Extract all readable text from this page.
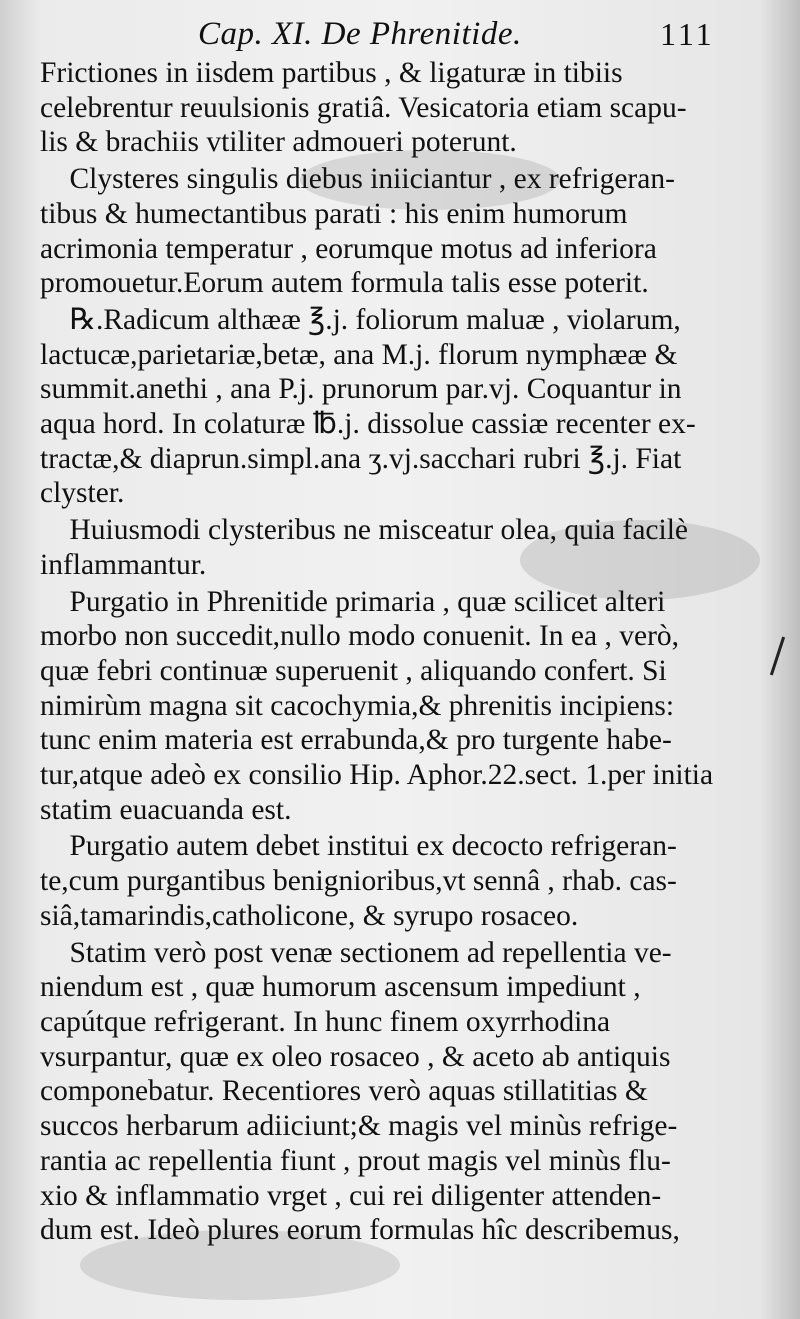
Cap. XI. De Phrenitide.	111
Frictiones in iisdem partibus , & ligaturæ in tibiis
celebrentur reuulsionis gratiâ. Vesicatoria etiam scapu-
lis & brachiis vtiliter admoueri poterunt.
 Clysteres singulis diebus iniiciantur , ex refrigeran-
tibus & humectantibus parati : his enim humorum
acrimonia temperatur , eorumque motus ad inferiora
promouetur.Eorum autem formula talis esse poterit.
 ℞.Radicum althææ ℥.j. foliorum maluæ , violarum,
lactucæ,parietariæ,betæ, ana M.j. florum nymphææ &
summit.anethi , ana P.j. prunorum par.vj. Coquantur in
aqua hord. In colaturæ ℔.j. dissolue cassiæ recenter ex-
tractæ,& diaprun.simpl.ana ʒ.vj.sacchari rubri ℥.j. Fiat
clyster.
 Huiusmodi clysteribus ne misceatur olea, quia facilè
inflammantur.
 Purgatio in Phrenitide primaria , quæ scilicet alteri
morbo non succedit,nullo modo conuenit. In ea , verò,
quæ febri continuæ superuenit , aliquando confert. Si
nimirùm magna sit cacochymia,& phrenitis incipiens:
tunc enim materia est errabunda,& pro turgente habe-
tur,atque adeò ex consilio Hip. Aphor.22.sect. 1.per initia
statim euacuanda est.
 Purgatio autem debet institui ex decocto refrigeran-
te,cum purgantibus benignioribus,vt sennâ , rhab. cas-
siâ,tamarindis,catholicone, & syrupo rosaceo.
 Statim verò post venæ sectionem ad repellentia ve-
niendum est , quæ humorum ascensum impediunt ,
capútque refrigerant. In hunc finem oxyrrhodina
vsurpantur, quæ ex oleo rosaceo , & aceto ab antiquis
componebatur. Recentiores verò aquas stillatitias &
succos herbarum adiiciunt;& magis vel minùs refrige-
rantia ac repellentia fiunt , prout magis vel minùs flu-
xio & inflammatio vrget , cui rei diligenter attenden-
dum est. Ideò plures eorum formulas hîc describemus,
